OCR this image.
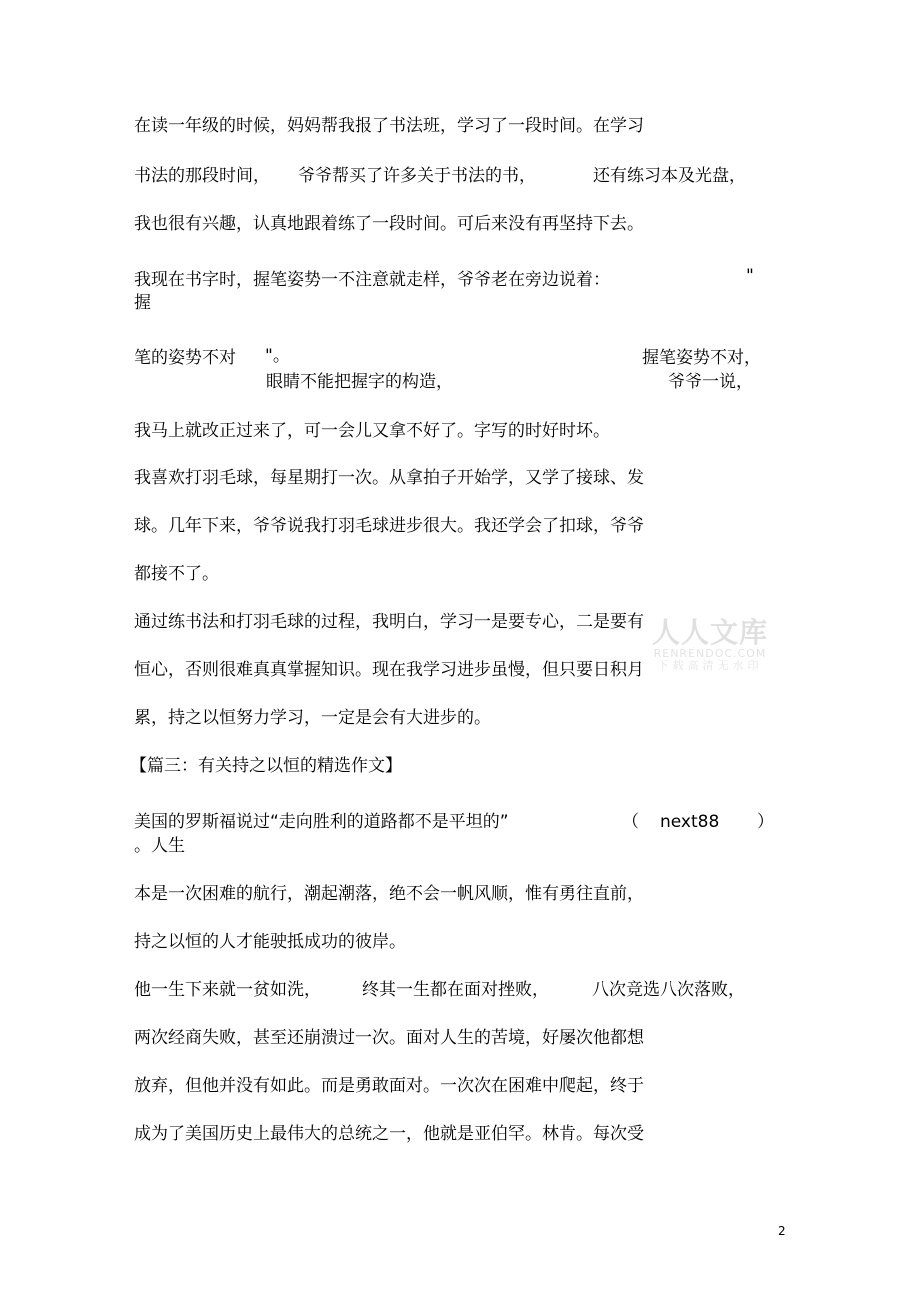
在读一年级的时候，妈妈帮我报了书法班，学习了一段时间。在学习
书法的那段时间， 爷爷帮买了许多关于书法的书，	还有练习本及光盘，
我也很有兴趣，认真地跟着练了一段时间。可后来没有再坚持下去。
我现在书字时，握笔姿势一不注意就走样，爷爷老在旁边说着：	"
握
笔的姿势不对 "。	握笔姿势不对，
眼睛不能把握字的构造，	爷爷一说，
我马上就改正过来了，可一会儿又拿不好了。字写的时好时坏。
我喜欢打羽毛球，每星期打一次。从拿拍子开始学，又学了接球、发
球。几年下来，爷爷说我打羽毛球进步很大。我还学会了扣球，爷爷
都接不了。
通过练书法和打羽毛球的过程，我明白，学习一是要专心，二是要有
恒心，否则很难真真掌握知识。现在我学习进步虽慢，但只要日积月
累，持之以恒努力学习，一定是会有大进步的。
【篇三：有关持之以恒的精选作文】
美国的罗斯福说过“走向胜利的道路都不是平坦的”	（ next88 ）
。人生
本是一次困难的航行，潮起潮落，绝不会一帆风顺，惟有勇往直前，
持之以恒的人才能驶抵成功的彼岸。
他一生下来就一贫如洗， 终其一生都在面对挫败，	八次竞选八次落败，
两次经商失败，甚至还崩溃过一次。面对人生的苦境，好屡次他都想
放弃，但他并没有如此。而是勇敢面对。一次次在困难中爬起，终于
成为了美国历史上最伟大的总统之一，他就是亚伯罕。林肯。每次受
人人文库
RENRENDOC.COM
下载高清无水印
2
